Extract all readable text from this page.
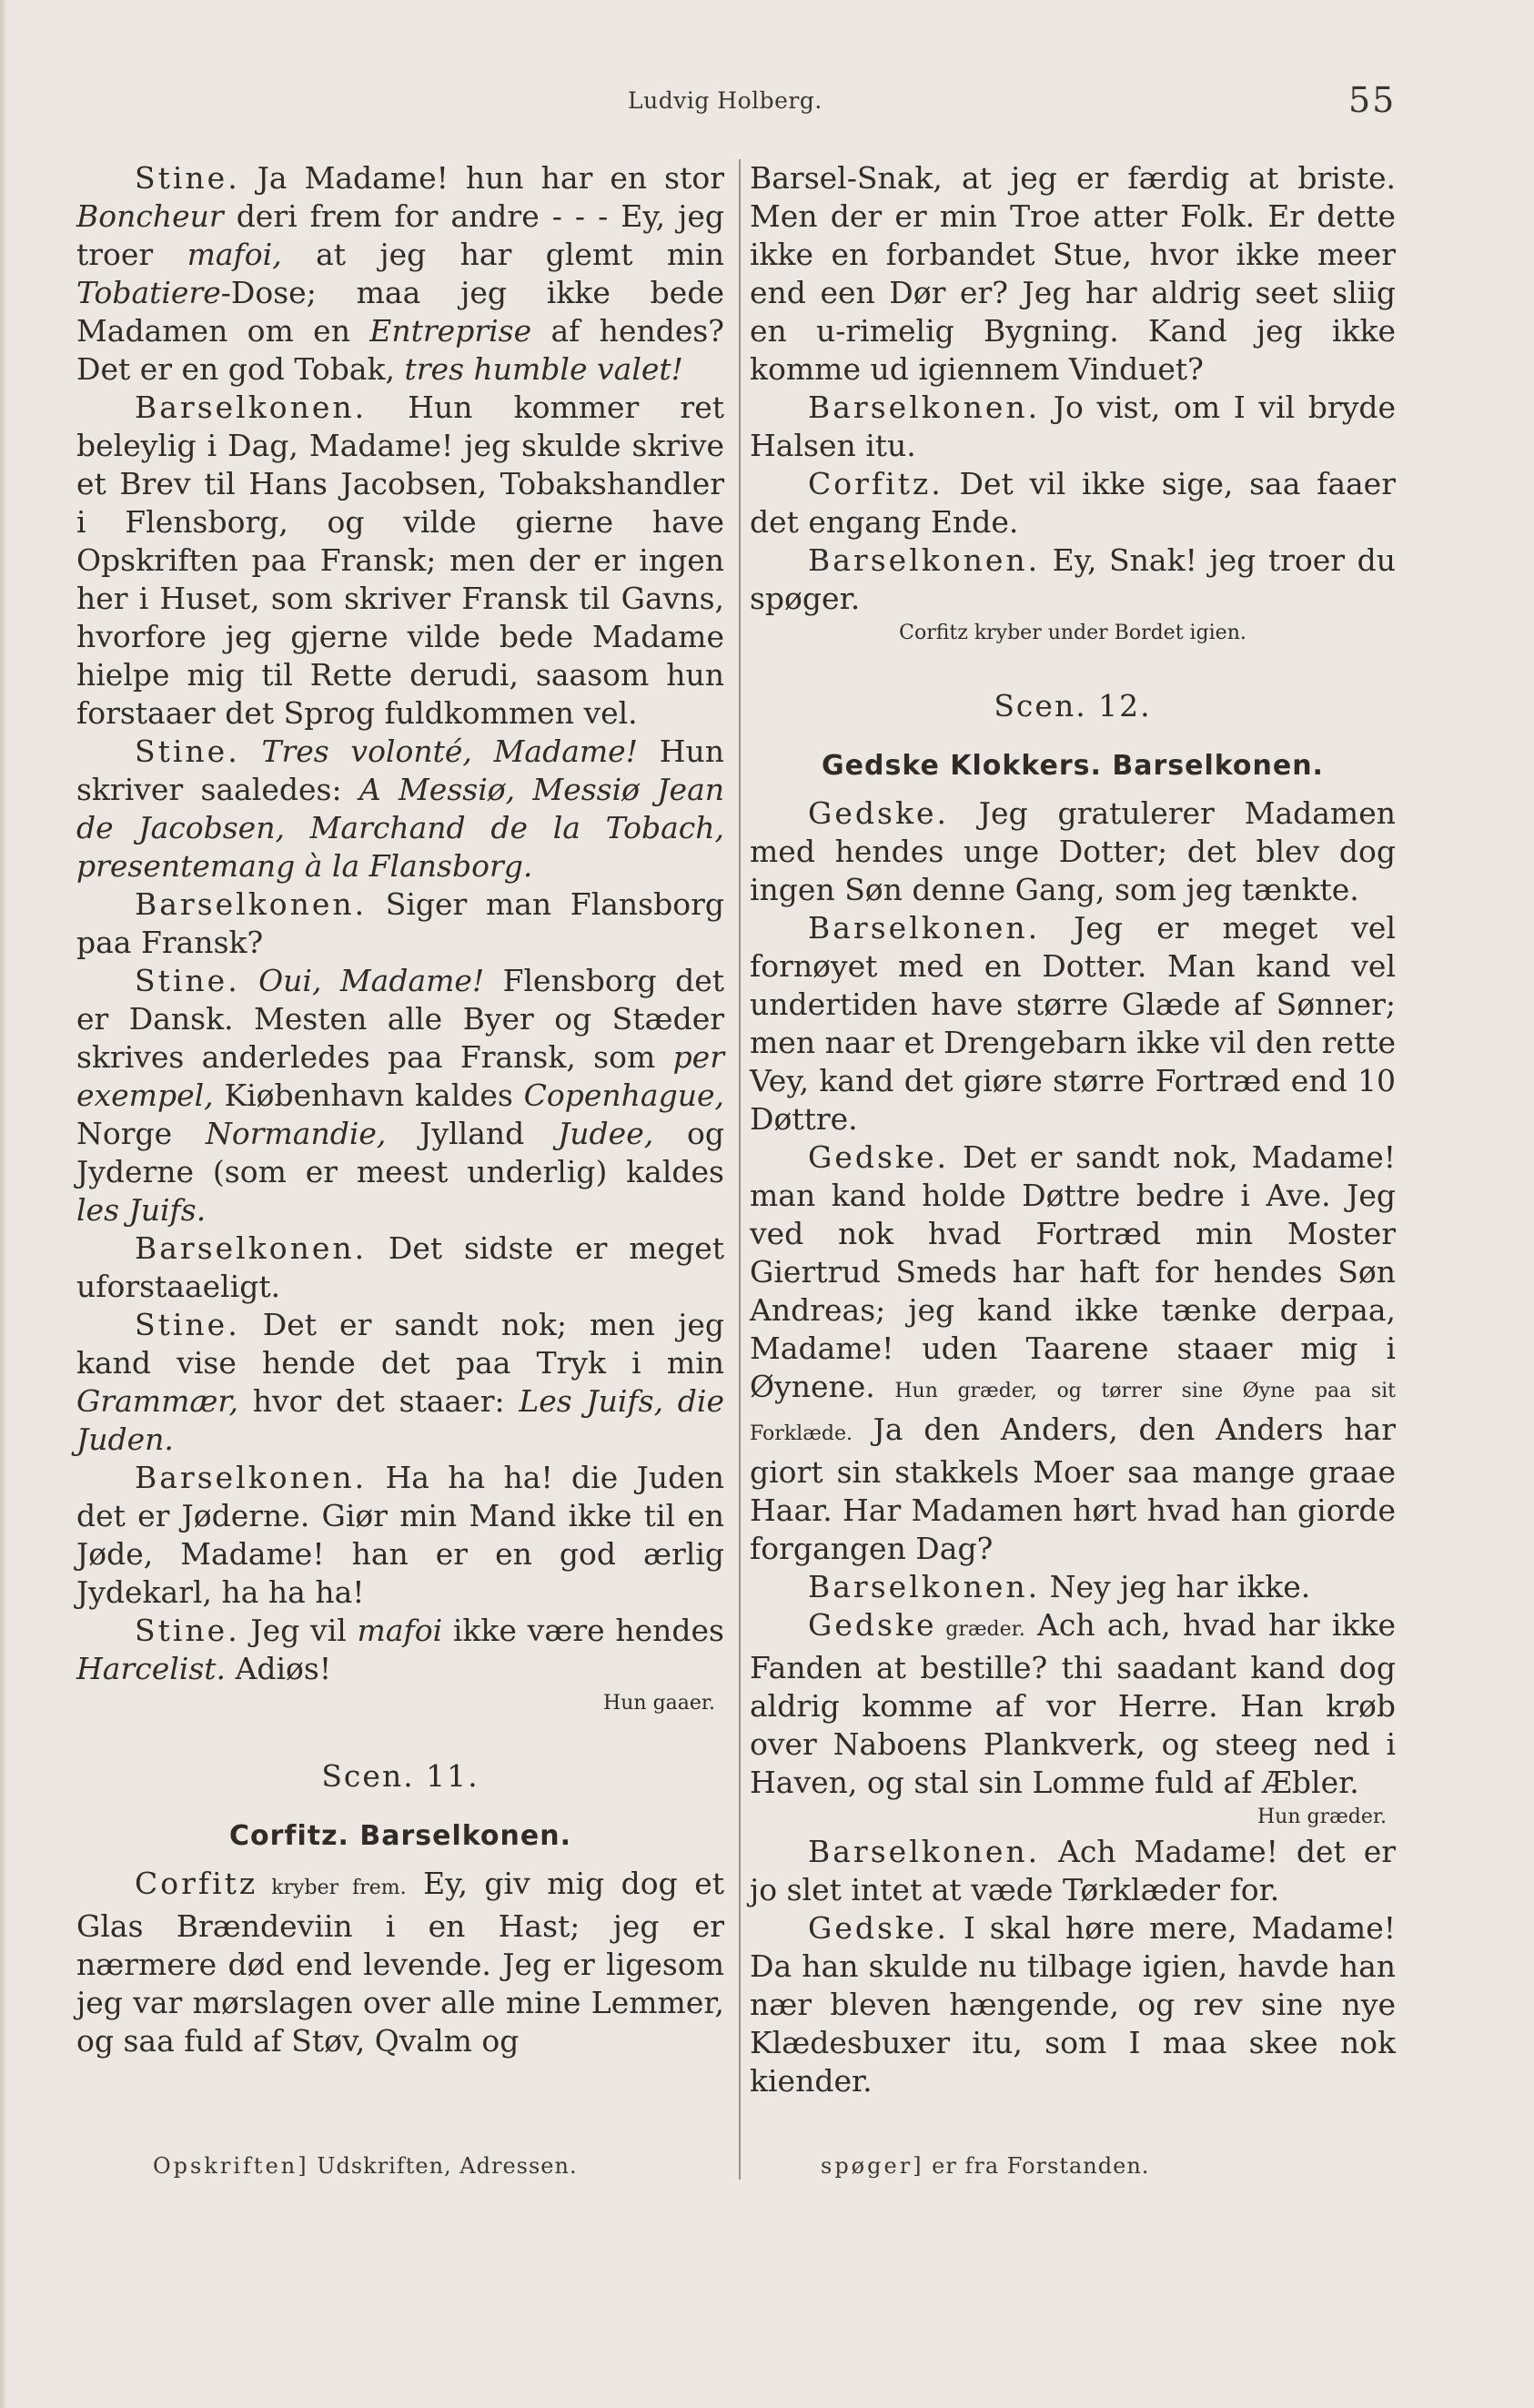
Ludvig Holberg.	55

Stine. Ja Madame! hun har en stor Boncheur deri frem for andre - - - Ey, jeg troer mafoi, at jeg har glemt min Tobatiere-Dose; maa jeg ikke bede Madamen om en Entreprise af hendes? Det er en god Tobak, tres humble valet!

Barselkonen. Hun kommer ret beleylig i Dag, Madame! jeg skulde skrive et Brev til Hans Jacobsen, Tobakshandler i Flensborg, og vilde gierne have Opskriften paa Fransk; men der er ingen her i Huset, som skriver Fransk til Gavns, hvorfore jeg gjerne vilde bede Madame hielpe mig til Rette derudi, saasom hun forstaaer det Sprog fuldkommen vel.

Stine. Tres volonté, Madame! Hun skriver saaledes: A Messiø, Messiø Jean de Jacobsen, Marchand de la Tobach, presentemang à la Flansborg.

Barselkonen. Siger man Flansborg paa Fransk?

Stine. Oui, Madame! Flensborg det er Dansk. Mesten alle Byer og Stæder skrives anderledes paa Fransk, som per exempel, Kiøbenhavn kaldes Copenhague, Norge Normandie, Jylland Judee, og Jyderne (som er meest underlig) kaldes les Juifs.

Barselkonen. Det sidste er meget uforstaaeligt.

Stine. Det er sandt nok; men jeg kand vise hende det paa Tryk i min Grammær, hvor det staaer: Les Juifs, die Juden.

Barselkonen. Ha ha ha! die Juden det er Jøderne. Giør min Mand ikke til en Jøde, Madame! han er en god ærlig Jydekarl, ha ha ha!

Stine. Jeg vil mafoi ikke være hendes Harcelist. Adiøs!

Hun gaaer.

Scen. 11.

Corfitz. Barselkonen.

Corfitz kryber frem. Ey, giv mig dog et Glas Brændeviin i en Hast; jeg er nærmere død end levende. Jeg er ligesom jeg var mørslagen over alle mine Lemmer, og saa fuld af Støv, Qvalm og

Barsel-Snak, at jeg er færdig at briste. Men der er min Troe atter Folk. Er dette ikke en forbandet Stue, hvor ikke meer end een Dør er? Jeg har aldrig seet sliig en u-rimelig Bygning. Kand jeg ikke komme ud igiennem Vinduet?

Barselkonen. Jo vist, om I vil bryde Halsen itu.

Corfitz. Det vil ikke sige, saa faaer det engang Ende.

Barselkonen. Ey, Snak! jeg troer du spøger.

Corfitz kryber under Bordet igien.

Scen. 12.

Gedske Klokkers. Barselkonen.

Gedske. Jeg gratulerer Madamen med hendes unge Dotter; det blev dog ingen Søn denne Gang, som jeg tænkte.

Barselkonen. Jeg er meget vel fornøyet med en Dotter. Man kand vel undertiden have større Glæde af Sønner; men naar et Drengebarn ikke vil den rette Vey, kand det giøre større Fortræd end 10 Døttre.

Gedske. Det er sandt nok, Madame! man kand holde Døttre bedre i Ave. Jeg ved nok hvad Fortræd min Moster Giertrud Smeds har haft for hendes Søn Andreas; jeg kand ikke tænke derpaa, Madame! uden Taarene staaer mig i Øynene. Hun græder, og tørrer sine Øyne paa sit Forklæde. Ja den Anders, den Anders har giort sin stakkels Moer saa mange graae Haar. Har Madamen hørt hvad han giorde forgangen Dag?

Barselkonen. Ney jeg har ikke.

Gedske græder. Ach ach, hvad har ikke Fanden at bestille? thi saadant kand dog aldrig komme af vor Herre. Han krøb over Naboens Plankverk, og steeg ned i Haven, og stal sin Lomme fuld af Æbler.

Hun græder.

Barselkonen. Ach Madame! det er jo slet intet at væde Tørklæder for.

Gedske. I skal høre mere, Madame! Da han skulde nu tilbage igien, havde han nær bleven hængende, og rev sine nye Klædesbuxer itu, som I maa skee nok kiender.

Opskriften] Udskriften, Adressen.	spøger] er fra Forstanden.
